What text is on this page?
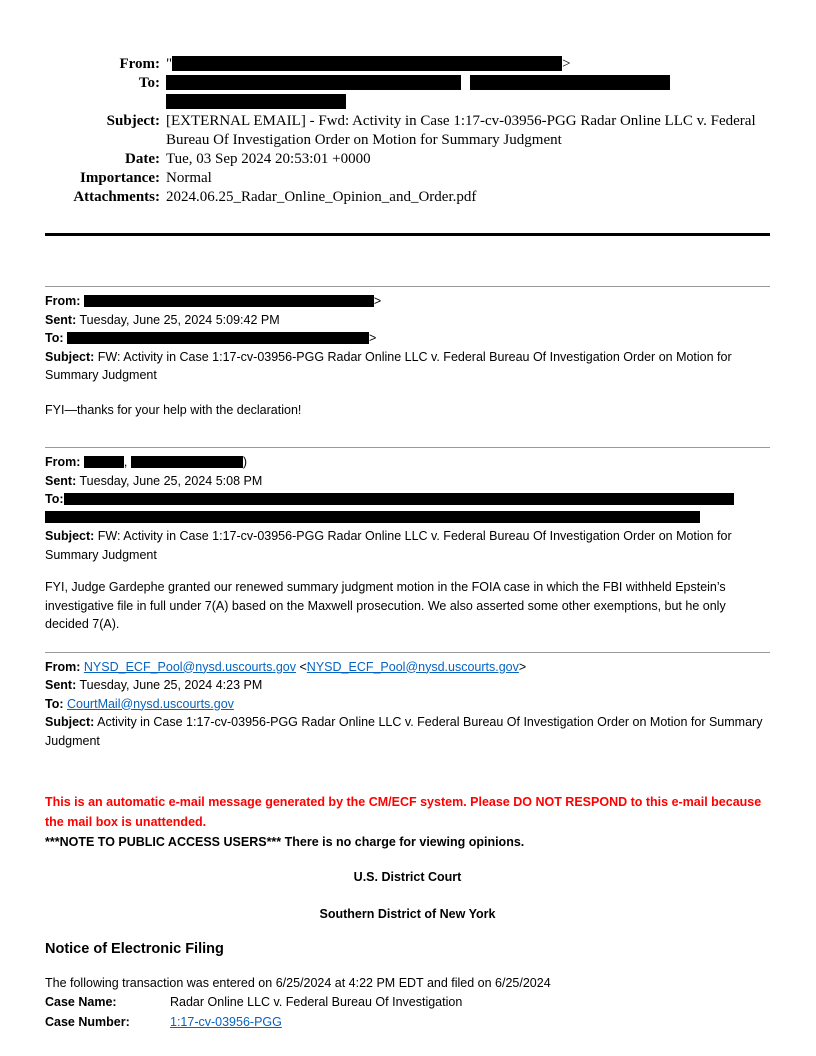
From: "	>
To:
Subject: [EXTERNAL EMAIL] - Fwd: Activity in Case 1:17-cv-03956-PGG Radar Online LLC v. Federal Bureau Of Investigation Order on Motion for Summary Judgment
Date: Tue, 03 Sep 2024 20:53:01 +0000
Importance: Normal
Attachments: 2024.06.25_Radar_Online_Opinion_and_Order.pdf
From:	>
Sent: Tuesday, June 25, 2024 5:09:42 PM
To:	>
Subject: FW: Activity in Case 1:17-cv-03956-PGG Radar Online LLC v. Federal Bureau Of Investigation Order on Motion for Summary Judgment
FYI—thanks for your help with the declaration!
From:	,	)
Sent: Tuesday, June 25, 2024 5:08 PM
To:
Subject: FW: Activity in Case 1:17-cv-03956-PGG Radar Online LLC v. Federal Bureau Of Investigation Order on Motion for Summary Judgment
FYI, Judge Gardephe granted our renewed summary judgment motion in the FOIA case in which the FBI withheld Epstein’s investigative file in full under 7(A) based on the Maxwell prosecution. We also asserted some other exemptions, but he only decided 7(A).
From: NYSD_ECF_Pool@nysd.uscourts.gov <NYSD_ECF_Pool@nysd.uscourts.gov>
Sent: Tuesday, June 25, 2024 4:23 PM
To: CourtMail@nysd.uscourts.gov
Subject: Activity in Case 1:17-cv-03956-PGG Radar Online LLC v. Federal Bureau Of Investigation Order on Motion for Summary Judgment
This is an automatic e-mail message generated by the CM/ECF system. Please DO NOT RESPOND to this e-mail because the mail box is unattended.
***NOTE TO PUBLIC ACCESS USERS*** There is no charge for viewing opinions.
U.S. District Court
Southern District of New York
Notice of Electronic Filing
The following transaction was entered on 6/25/2024 at 4:22 PM EDT and filed on 6/25/2024
Case Name:	Radar Online LLC v. Federal Bureau Of Investigation
Case Number:	1:17-cv-03956-PGG
